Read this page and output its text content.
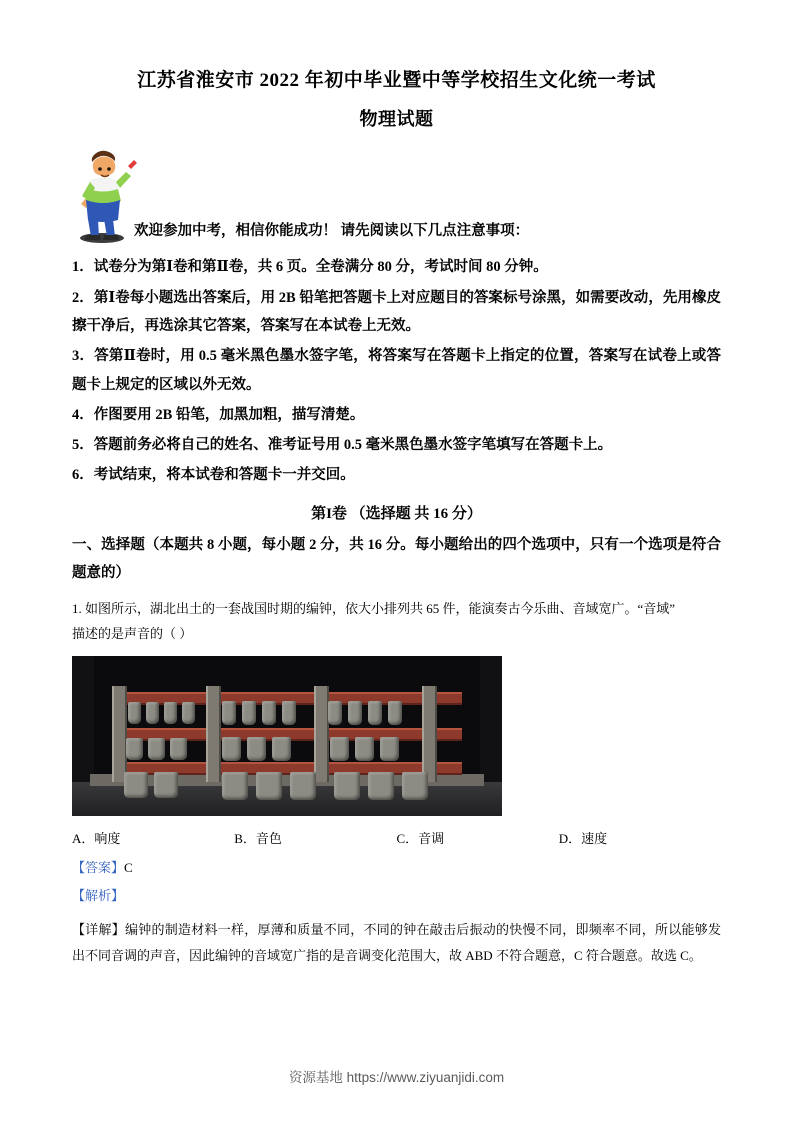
江苏省淮安市 2022 年初中毕业暨中等学校招生文化统一考试
物理试题
欢迎参加中考，相信你能成功！ 请先阅读以下几点注意事项：

1．试卷分为第Ⅰ卷和第Ⅱ卷，共 6 页。全卷满分 80 分，考试时间 80 分钟。

2．第Ⅰ卷每小题选出答案后，用 2B 铅笔把答题卡上对应题目的答案标号涂黑，如需要改动，先用橡皮擦干净后，再选涂其它答案，答案写在本试卷上无效。

3．答第Ⅱ卷时，用 0.5 毫米黑色墨水签字笔，将答案写在答题卡上指定的位置，答案写在试卷上或答题卡上规定的区域以外无效。

4．作图要用 2B 铅笔，加黑加粗，描写清楚。

5．答题前务必将自己的姓名、准考证号用 0.5 毫米黑色墨水签字笔填写在答题卡上。

6．考试结束，将本试卷和答题卡一并交回。

第I卷 （选择题 共 16 分）
一、选择题（本题共 8 小题，每小题 2 分，共 16 分。每小题给出的四个选项中，只有一个选项是符合题意的）
1. 如图所示，湖北出土的一套战国时期的编钟，依大小排列共 65 件，能演奏古今乐曲、音域宽广。“音域”
描述的是声音的（ ）
A．响度	B．音色	C．音调	D．速度
【答案】C
【解析】
【详解】编钟的制造材料一样，厚薄和质量不同，不同的钟在敲击后振动的快慢不同，即频率不同，所以能够发出不同音调的声音，因此编钟的音域宽广指的是音调变化范围大，故 ABD 不符合题意，C 符合题意。故选 C。
资源基地 https://www.ziyuanjidi.com
